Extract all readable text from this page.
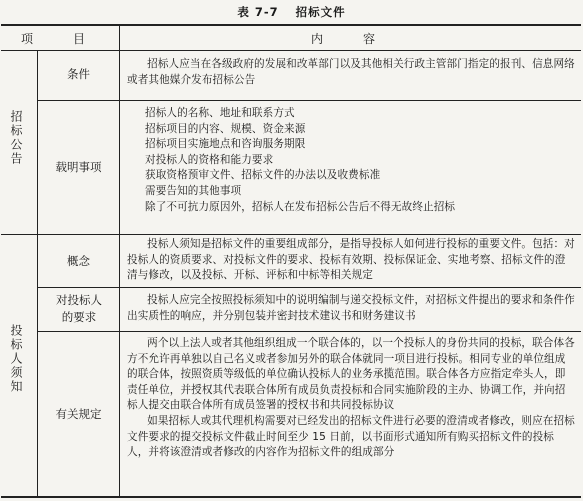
表 7-7 招标文件
项　目	内　容
招标公告
条件

招标人应当在各级政府的发展和改革部门以及其他相关行政主管部门指定的报刊、信息网络或者其他媒介发布招标公告

载明事项

招标人的名称、地址和联系方式

招标项目的内容、规模、资金来源

招标项目实施地点和咨询服务期限

对投标人的资格和能力要求

获取资格预审文件、招标文件的办法以及收费标准

需要告知的其他事项

除了不可抗力原因外，招标人在发布招标公告后不得无故终止招标

投标人须知
概念

投标人须知是招标文件的重要组成部分，是指导投标人如何进行投标的重要文件。包括：对投标人的资质要求、对投标文件的要求、投标有效期、投标保证金、实地考察、招标文件的澄清与修改，以及投标、开标、评标和中标等相关规定

对投标人的要求

投标人应完全按照投标须知中的说明编制与递交投标文件，对招标文件提出的要求和条件作出实质性的响应，并分别包装并密封技术建议书和财务建议书

有关规定

两个以上法人或者其他组织组成一个联合体的，以一个投标人的身份共同的投标，联合体各方不允许再单独以自己名义或者参加另外的联合体就同一项目进行投标。相同专业的单位组成的联合体，按照资质等级低的单位确认投标人的业务承揽范围。联合体各方应指定牵头人，即责任单位，并授权其代表联合体所有成员负责投标和合同实施阶段的主办、协调工作，并向招标人提交由联合体所有成员签署的授权书和共同投标协议

如果招标人或其代理机构需要对已经发出的招标文件进行必要的澄清或者修改，则应在招标文件要求的提交投标文件截止时间至少 15 日前，以书面形式通知所有购买招标文件的投标人，并将该澄清或者修改的内容作为招标文件的组成部分
